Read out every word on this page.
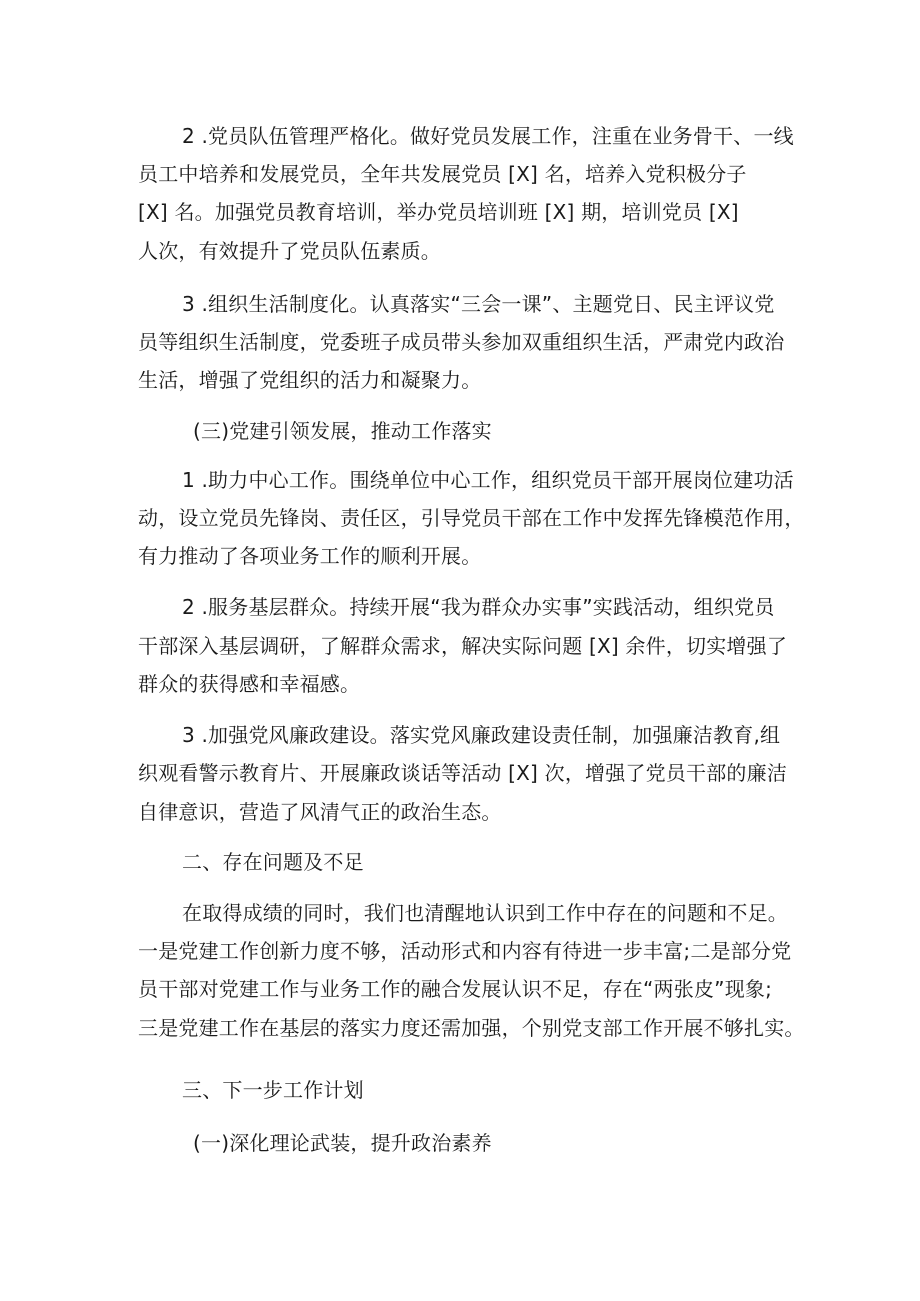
2 .党员队伍管理严格化。做好党员发展工作，注重在业务骨干、一线
员工中培养和发展党员，全年共发展党员 [X] 名，培养入党积极分子
[X] 名。加强党员教育培训，举办党员培训班 [X] 期，培训党员 [X]
人次，有效提升了党员队伍素质。
3 .组织生活制度化。认真落实“三会一课”、主题党日、民主评议党
员等组织生活制度，党委班子成员带头参加双重组织生活，严肃党内政治
生活，增强了党组织的活力和凝聚力。
(三)党建引领发展，推动工作落实
1 .助力中心工作。围绕单位中心工作，组织党员干部开展岗位建功活
动，设立党员先锋岗、责任区，引导党员干部在工作中发挥先锋模范作用，
有力推动了各项业务工作的顺利开展。
2 .服务基层群众。持续开展“我为群众办实事”实践活动，组织党员
干部深入基层调研，了解群众需求，解决实际问题 [X] 余件，切实增强了
群众的获得感和幸福感。
3 .加强党风廉政建设。落实党风廉政建设责任制，加强廉洁教育,组
织观看警示教育片、开展廉政谈话等活动 [X] 次，增强了党员干部的廉洁
自律意识，营造了风清气正的政治生态。
二、存在问题及不足
在取得成绩的同时，我们也清醒地认识到工作中存在的问题和不足。
一是党建工作创新力度不够，活动形式和内容有待进一步丰富;二是部分党
员干部对党建工作与业务工作的融合发展认识不足，存在“两张皮”现象;
三是党建工作在基层的落实力度还需加强，个别党支部工作开展不够扎实。
三、下一步工作计划
(一)深化理论武装，提升政治素养
